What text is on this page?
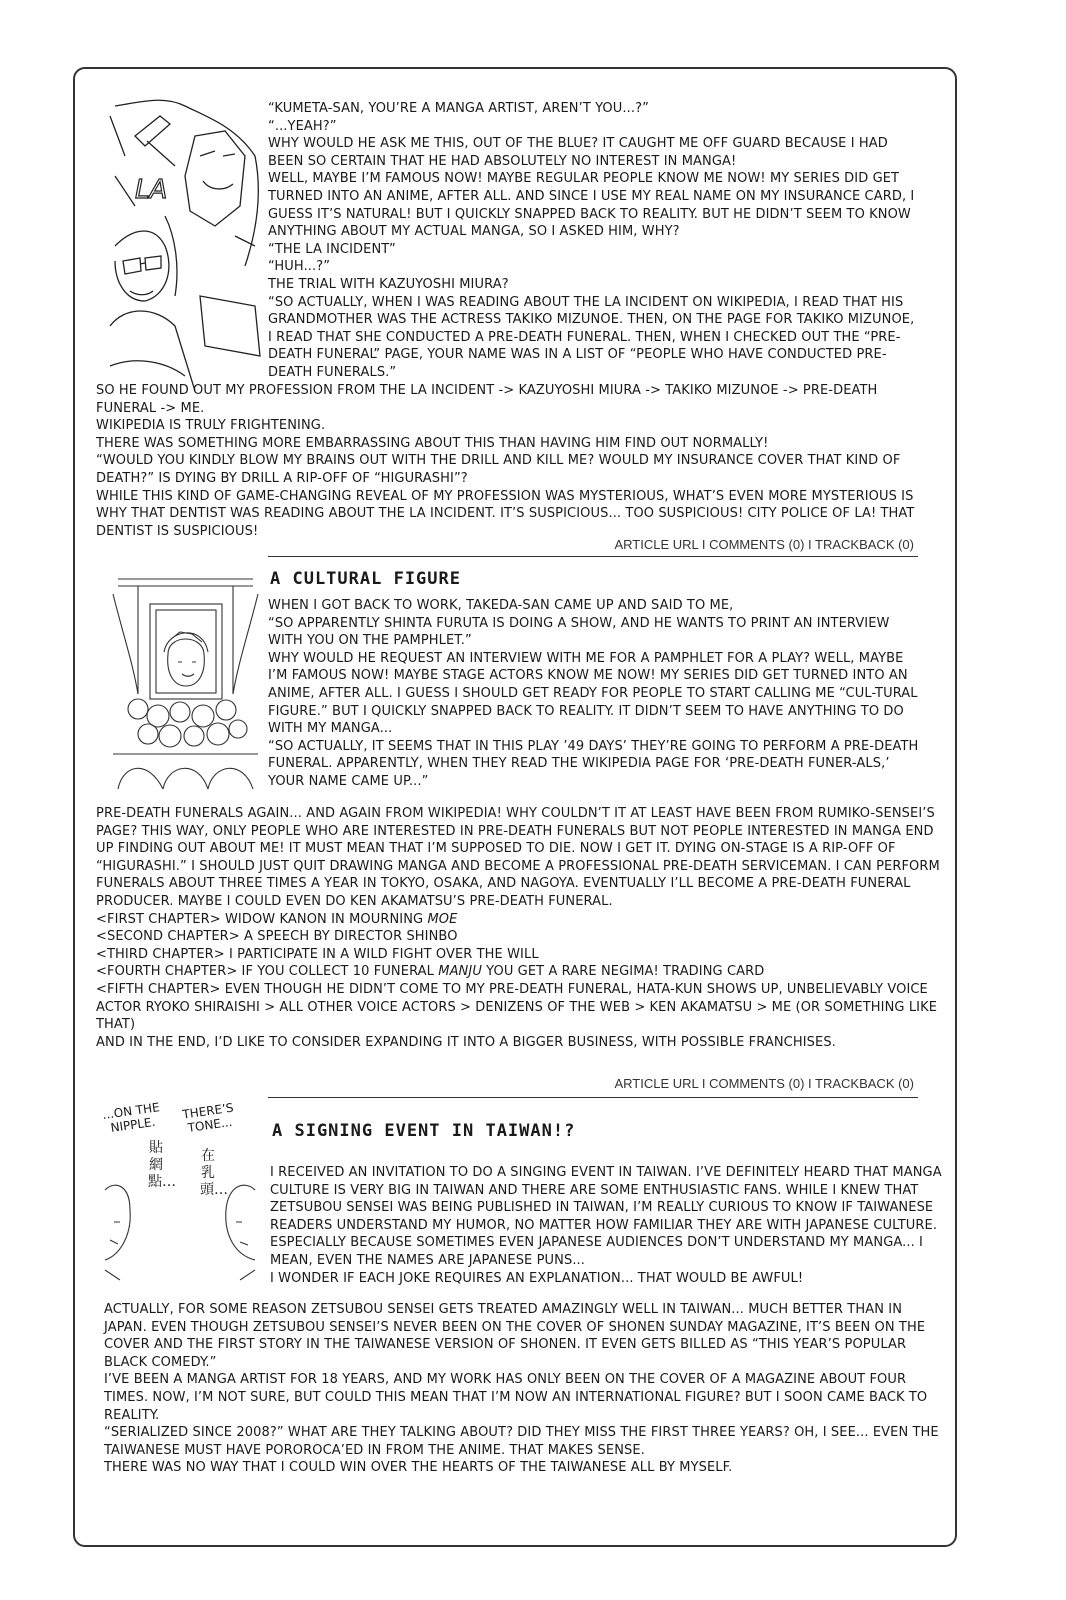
LA

“KUMETA-SAN, YOU’RE A MANGA ARTIST, AREN’T YOU...?”

“...YEAH?”

WHY WOULD HE ASK ME THIS, OUT OF THE BLUE? IT CAUGHT ME OFF GUARD BECAUSE I HAD BEEN SO CERTAIN THAT HE HAD ABSOLUTELY NO INTEREST IN MANGA!

WELL, MAYBE I’M FAMOUS NOW! MAYBE REGULAR PEOPLE KNOW ME NOW! MY SERIES DID GET TURNED INTO AN ANIME, AFTER ALL. AND SINCE I USE MY REAL NAME ON MY INSURANCE CARD, I GUESS IT’S NATURAL! BUT I QUICKLY SNAPPED BACK TO REALITY. BUT HE DIDN’T SEEM TO KNOW ANYTHING ABOUT MY ACTUAL MANGA, SO I ASKED HIM, WHY?

“THE LA INCIDENT”

“HUH...?”

THE TRIAL WITH KAZUYOSHI MIURA?

“SO ACTUALLY, WHEN I WAS READING ABOUT THE LA INCIDENT ON WIKIPEDIA, I READ THAT HIS GRANDMOTHER WAS THE ACTRESS TAKIKO MIZUNOE. THEN, ON THE PAGE FOR TAKIKO MIZUNOE, I READ THAT SHE CONDUCTED A PRE-DEATH FUNERAL. THEN, WHEN I CHECKED OUT THE “PRE-DEATH FUNERAL” PAGE, YOUR NAME WAS IN A LIST OF “PEOPLE WHO HAVE CONDUCTED PRE-DEATH FUNERALS.”

SO HE FOUND OUT MY PROFESSION FROM THE LA INCIDENT -> KAZUYOSHI MIURA -> TAKIKO MIZUNOE -> PRE-DEATH FUNERAL -> ME.

WIKIPEDIA IS TRULY FRIGHTENING.

THERE WAS SOMETHING MORE EMBARRASSING ABOUT THIS THAN HAVING HIM FIND OUT NORMALLY!

“WOULD YOU KINDLY BLOW MY BRAINS OUT WITH THE DRILL AND KILL ME? WOULD MY INSURANCE COVER THAT KIND OF DEATH?” IS DYING BY DRILL A RIP-OFF OF “HIGURASHI”?

WHILE THIS KIND OF GAME-CHANGING REVEAL OF MY PROFESSION WAS MYSTERIOUS, WHAT’S EVEN MORE MYSTERIOUS IS WHY THAT DENTIST WAS READING ABOUT THE LA INCIDENT. IT’S SUSPICIOUS... TOO SUSPICIOUS! CITY POLICE OF LA! THAT DENTIST IS SUSPICIOUS!

ARTICLE URL I COMMENTS (0) I TRACKBACK (0)
A CULTURAL FIGURE

WHEN I GOT BACK TO WORK, TAKEDA-SAN CAME UP AND SAID TO ME,

“SO APPARENTLY SHINTA FURUTA IS DOING A SHOW, AND HE WANTS TO PRINT AN INTERVIEW WITH YOU ON THE PAMPHLET.”

WHY WOULD HE REQUEST AN INTERVIEW WITH ME FOR A PAMPHLET FOR A PLAY? WELL, MAYBE I’M FAMOUS NOW! MAYBE STAGE ACTORS KNOW ME NOW! MY SERIES DID GET TURNED INTO AN ANIME, AFTER ALL. I GUESS I SHOULD GET READY FOR PEOPLE TO START CALLING ME “CUL-TURAL FIGURE.” BUT I QUICKLY SNAPPED BACK TO REALITY. IT DIDN’T SEEM TO HAVE ANYTHING TO DO WITH MY MANGA...

“SO ACTUALLY, IT SEEMS THAT IN THIS PLAY ’49 DAYS’ THEY’RE GOING TO PERFORM A PRE-DEATH FUNERAL. APPARENTLY, WHEN THEY READ THE WIKIPEDIA PAGE FOR ‘PRE-DEATH FUNER-ALS,’ YOUR NAME CAME UP...”

PRE-DEATH FUNERALS AGAIN... AND AGAIN FROM WIKIPEDIA! WHY COULDN’T IT AT LEAST HAVE BEEN FROM RUMIKO-SENSEI’S PAGE? THIS WAY, ONLY PEOPLE WHO ARE INTERESTED IN PRE-DEATH FUNERALS BUT NOT PEOPLE INTERESTED IN MANGA END UP FINDING OUT ABOUT ME! IT MUST MEAN THAT I’M SUPPOSED TO DIE. NOW I GET IT. DYING ON-STAGE IS A RIP-OFF OF “HIGURASHI.” I SHOULD JUST QUIT DRAWING MANGA AND BECOME A PROFESSIONAL PRE-DEATH SERVICEMAN. I CAN PERFORM FUNERALS ABOUT THREE TIMES A YEAR IN TOKYO, OSAKA, AND NAGOYA. EVENTUALLY I’LL BECOME A PRE-DEATH FUNERAL PRODUCER. MAYBE I COULD EVEN DO KEN AKAMATSU’S PRE-DEATH FUNERAL.

<FIRST CHAPTER> WIDOW KANON IN MOURNING MOE

<SECOND CHAPTER> A SPEECH BY DIRECTOR SHINBO

<THIRD CHAPTER> I PARTICIPATE IN A WILD FIGHT OVER THE WILL

<FOURTH CHAPTER> IF YOU COLLECT 10 FUNERAL MANJU YOU GET A RARE NEGIMA! TRADING CARD

<FIFTH CHAPTER> EVEN THOUGH HE DIDN’T COME TO MY PRE-DEATH FUNERAL, HATA-KUN SHOWS UP, UNBELIEVABLY VOICE ACTOR RYOKO SHIRAISHI > ALL OTHER VOICE ACTORS > DENIZENS OF THE WEB > KEN AKAMATSU > ME (OR SOMETHING LIKE THAT)

AND IN THE END, I’D LIKE TO CONSIDER EXPANDING IT INTO A BIGGER BUSINESS, WITH POSSIBLE FRANCHISES.

ARTICLE URL I COMMENTS (0) I TRACKBACK (0)
...ON THE NIPPLE.
THERE’S TONE...
貼網點…
在乳頭…
A SIGNING EVENT IN TAIWAN!?

I RECEIVED AN INVITATION TO DO A SINGING EVENT IN TAIWAN. I’VE DEFINITELY HEARD THAT MANGA CULTURE IS VERY BIG IN TAIWAN AND THERE ARE SOME ENTHUSIASTIC FANS. WHILE I KNEW THAT ZETSUBOU SENSEI WAS BEING PUBLISHED IN TAIWAN, I’M REALLY CURIOUS TO KNOW IF TAIWANESE READERS UNDERSTAND MY HUMOR, NO MATTER HOW FAMILIAR THEY ARE WITH JAPANESE CULTURE. ESPECIALLY BECAUSE SOMETIMES EVEN JAPANESE AUDIENCES DON’T UNDERSTAND MY MANGA... I MEAN, EVEN THE NAMES ARE JAPANESE PUNS...

I WONDER IF EACH JOKE REQUIRES AN EXPLANATION... THAT WOULD BE AWFUL!

ACTUALLY, FOR SOME REASON ZETSUBOU SENSEI GETS TREATED AMAZINGLY WELL IN TAIWAN... MUCH BETTER THAN IN JAPAN. EVEN THOUGH ZETSUBOU SENSEI’S NEVER BEEN ON THE COVER OF SHONEN SUNDAY MAGAZINE, IT’S BEEN ON THE COVER AND THE FIRST STORY IN THE TAIWANESE VERSION OF SHONEN. IT EVEN GETS BILLED AS “THIS YEAR’S POPULAR BLACK COMEDY.”

I’VE BEEN A MANGA ARTIST FOR 18 YEARS, AND MY WORK HAS ONLY BEEN ON THE COVER OF A MAGAZINE ABOUT FOUR TIMES. NOW, I’M NOT SURE, BUT COULD THIS MEAN THAT I’M NOW AN INTERNATIONAL FIGURE? BUT I SOON CAME BACK TO REALITY.

“SERIALIZED SINCE 2008?” WHAT ARE THEY TALKING ABOUT? DID THEY MISS THE FIRST THREE YEARS? OH, I SEE... EVEN THE TAIWANESE MUST HAVE POROROCA’ED IN FROM THE ANIME. THAT MAKES SENSE.

THERE WAS NO WAY THAT I COULD WIN OVER THE HEARTS OF THE TAIWANESE ALL BY MYSELF.
